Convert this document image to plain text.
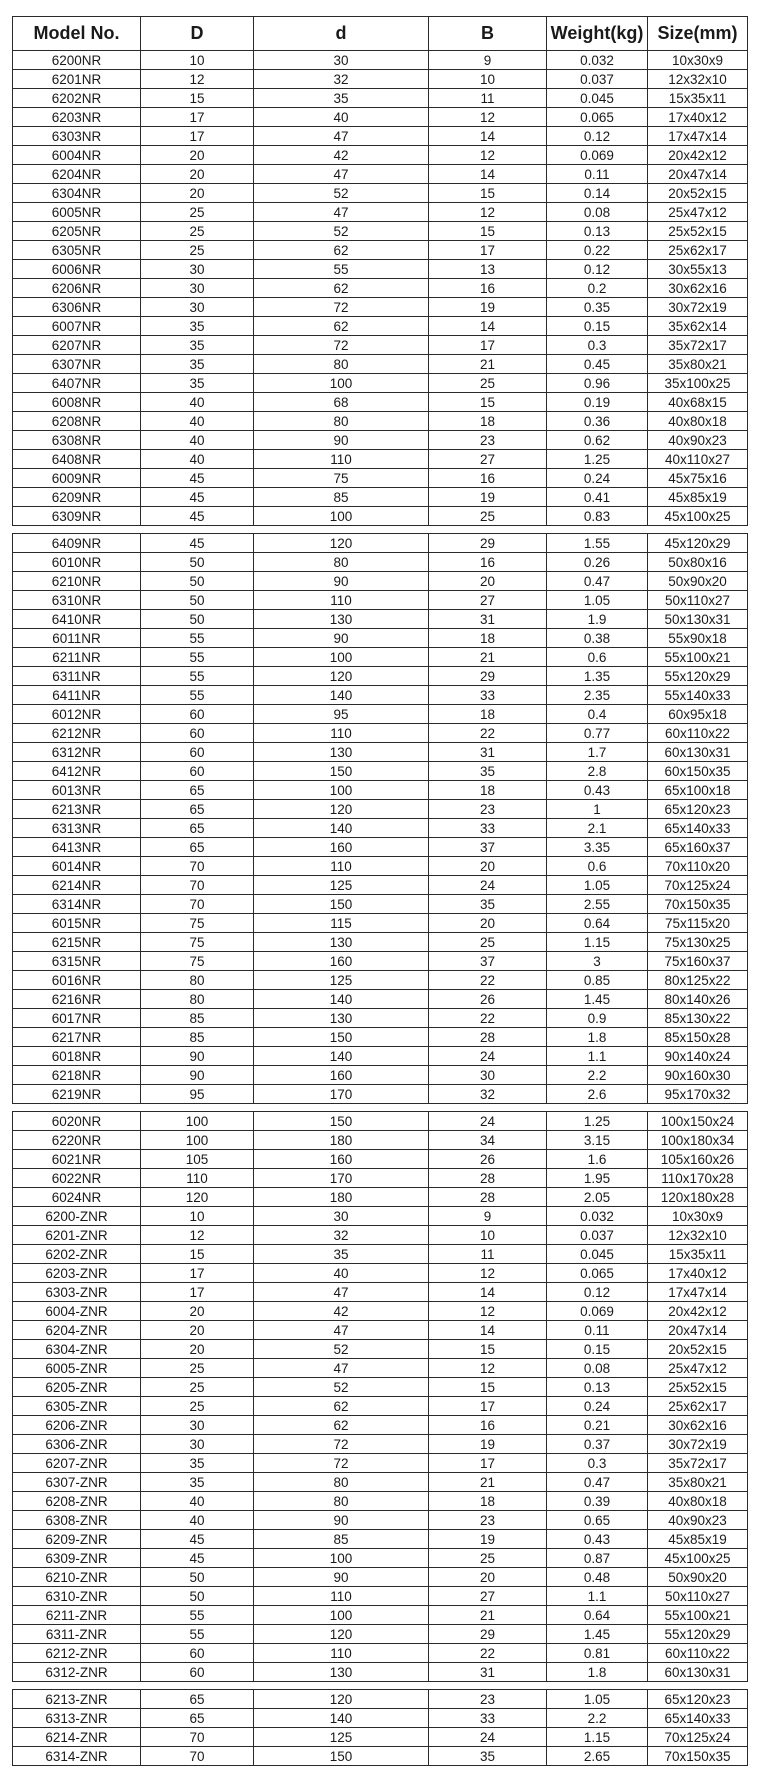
Model No.	D	d	B	Weight(kg)	Size(mm)
6200NR	10	30	9	0.032	10x30x9
6201NR	12	32	10	0.037	12x32x10
6202NR	15	35	11	0.045	15x35x11
6203NR	17	40	12	0.065	17x40x12
6303NR	17	47	14	0.12	17x47x14
6004NR	20	42	12	0.069	20x42x12
6204NR	20	47	14	0.11	20x47x14
6304NR	20	52	15	0.14	20x52x15
6005NR	25	47	12	0.08	25x47x12
6205NR	25	52	15	0.13	25x52x15
6305NR	25	62	17	0.22	25x62x17
6006NR	30	55	13	0.12	30x55x13
6206NR	30	62	16	0.2	30x62x16
6306NR	30	72	19	0.35	30x72x19
6007NR	35	62	14	0.15	35x62x14
6207NR	35	72	17	0.3	35x72x17
6307NR	35	80	21	0.45	35x80x21
6407NR	35	100	25	0.96	35x100x25
6008NR	40	68	15	0.19	40x68x15
6208NR	40	80	18	0.36	40x80x18
6308NR	40	90	23	0.62	40x90x23
6408NR	40	110	27	1.25	40x110x27
6009NR	45	75	16	0.24	45x75x16
6209NR	45	85	19	0.41	45x85x19
6309NR	45	100	25	0.83	45x100x25

6409NR	45	120	29	1.55	45x120x29
6010NR	50	80	16	0.26	50x80x16
6210NR	50	90	20	0.47	50x90x20
6310NR	50	110	27	1.05	50x110x27
6410NR	50	130	31	1.9	50x130x31
6011NR	55	90	18	0.38	55x90x18
6211NR	55	100	21	0.6	55x100x21
6311NR	55	120	29	1.35	55x120x29
6411NR	55	140	33	2.35	55x140x33
6012NR	60	95	18	0.4	60x95x18
6212NR	60	110	22	0.77	60x110x22
6312NR	60	130	31	1.7	60x130x31
6412NR	60	150	35	2.8	60x150x35
6013NR	65	100	18	0.43	65x100x18
6213NR	65	120	23	1	65x120x23
6313NR	65	140	33	2.1	65x140x33
6413NR	65	160	37	3.35	65x160x37
6014NR	70	110	20	0.6	70x110x20
6214NR	70	125	24	1.05	70x125x24
6314NR	70	150	35	2.55	70x150x35
6015NR	75	115	20	0.64	75x115x20
6215NR	75	130	25	1.15	75x130x25
6315NR	75	160	37	3	75x160x37
6016NR	80	125	22	0.85	80x125x22
6216NR	80	140	26	1.45	80x140x26
6017NR	85	130	22	0.9	85x130x22
6217NR	85	150	28	1.8	85x150x28
6018NR	90	140	24	1.1	90x140x24
6218NR	90	160	30	2.2	90x160x30
6219NR	95	170	32	2.6	95x170x32

6020NR	100	150	24	1.25	100x150x24
6220NR	100	180	34	3.15	100x180x34
6021NR	105	160	26	1.6	105x160x26
6022NR	110	170	28	1.95	110x170x28
6024NR	120	180	28	2.05	120x180x28
6200-ZNR	10	30	9	0.032	10x30x9
6201-ZNR	12	32	10	0.037	12x32x10
6202-ZNR	15	35	11	0.045	15x35x11
6203-ZNR	17	40	12	0.065	17x40x12
6303-ZNR	17	47	14	0.12	17x47x14
6004-ZNR	20	42	12	0.069	20x42x12
6204-ZNR	20	47	14	0.11	20x47x14
6304-ZNR	20	52	15	0.15	20x52x15
6005-ZNR	25	47	12	0.08	25x47x12
6205-ZNR	25	52	15	0.13	25x52x15
6305-ZNR	25	62	17	0.24	25x62x17
6206-ZNR	30	62	16	0.21	30x62x16
6306-ZNR	30	72	19	0.37	30x72x19
6207-ZNR	35	72	17	0.3	35x72x17
6307-ZNR	35	80	21	0.47	35x80x21
6208-ZNR	40	80	18	0.39	40x80x18
6308-ZNR	40	90	23	0.65	40x90x23
6209-ZNR	45	85	19	0.43	45x85x19
6309-ZNR	45	100	25	0.87	45x100x25
6210-ZNR	50	90	20	0.48	50x90x20
6310-ZNR	50	110	27	1.1	50x110x27
6211-ZNR	55	100	21	0.64	55x100x21
6311-ZNR	55	120	29	1.45	55x120x29
6212-ZNR	60	110	22	0.81	60x110x22
6312-ZNR	60	130	31	1.8	60x130x31

6213-ZNR	65	120	23	1.05	65x120x23
6313-ZNR	65	140	33	2.2	65x140x33
6214-ZNR	70	125	24	1.15	70x125x24
6314-ZNR	70	150	35	2.65	70x150x35
